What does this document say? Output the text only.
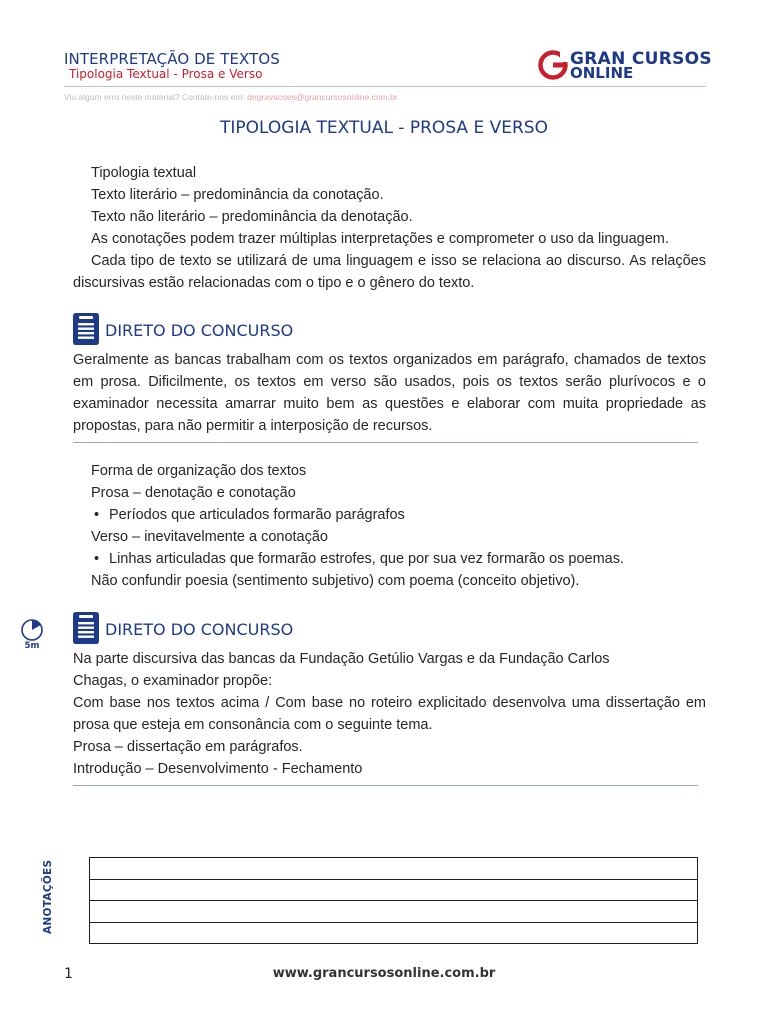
INTERPRETAÇÃO DE TEXTOS
Tipologia Textual - Prosa e Verso
GRAN CURSOS
ONLINE
Viu algum erro neste material? Contate-nos em: degravacoes@grancursosonline.com.br
TIPOLOGIA TEXTUAL - PROSA E VERSO
Tipologia textual
Texto literário – predominância da conotação.
Texto não literário – predominância da denotação.
As conotações podem trazer múltiplas interpretações e comprometer o uso da linguagem.
Cada tipo de texto se utilizará de uma linguagem e isso se relaciona ao discurso. As relações discursivas estão relacionadas com o tipo e o gênero do texto.
DIRETO DO CONCURSO
Geralmente as bancas trabalham com os textos organizados em parágrafo, chamados de textos em prosa. Dificilmente, os textos em verso são usados, pois os textos serão plurívocos e o examinador necessita amarrar muito bem as questões e elaborar com muita propriedade as propostas, para não permitir a interposição de recursos.
Forma de organização dos textos
Prosa – denotação e conotação
• Períodos que articulados formarão parágrafos
Verso – inevitavelmente a conotação
• Linhas articuladas que formarão estrofes, que por sua vez formarão os poemas.
Não confundir poesia (sentimento subjetivo) com poema (conceito objetivo).
5m
DIRETO DO CONCURSO
Na parte discursiva das bancas da Fundação Getúlio Vargas e da Fundação Carlos
Chagas, o examinador propõe:
Com base nos textos acima / Com base no roteiro explicitado desenvolva uma dissertação em prosa que esteja em consonância com o seguinte tema.
Prosa – dissertação em parágrafos.
Introdução – Desenvolvimento - Fechamento
ANOTAÇÕES
1	www.grancursosonline.com.br
